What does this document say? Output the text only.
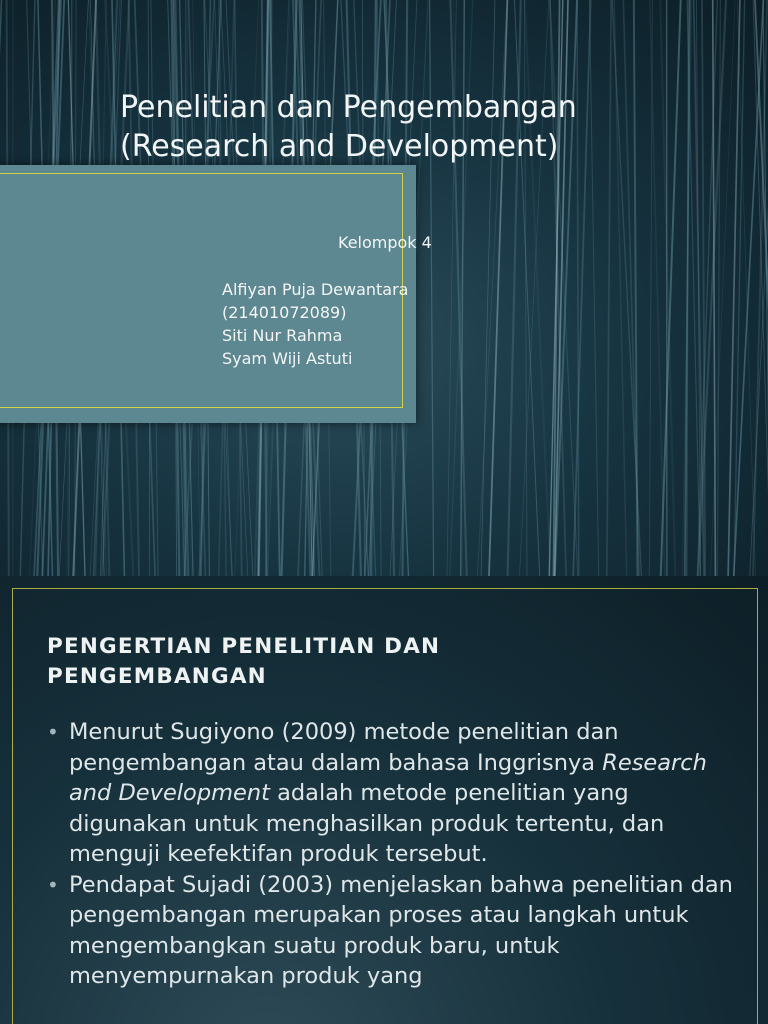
Penelitian dan Pengembangan
(Research and Development)
Kelompok 4
Alfiyan Puja Dewantara
(21401072089)
Siti Nur Rahma
Syam Wiji Astuti
PENGERTIAN PENELITIAN DAN
PENGEMBANGAN
• Menurut Sugiyono (2009) metode penelitian dan pengembangan atau dalam bahasa Inggrisnya Research and Development adalah metode penelitian yang digunakan untuk menghasilkan produk tertentu, dan menguji keefektifan produk tersebut.
• Pendapat Sujadi (2003) menjelaskan bahwa penelitian dan pengembangan merupakan proses atau langkah untuk mengembangkan suatu produk baru, untuk menyempurnakan produk yang
